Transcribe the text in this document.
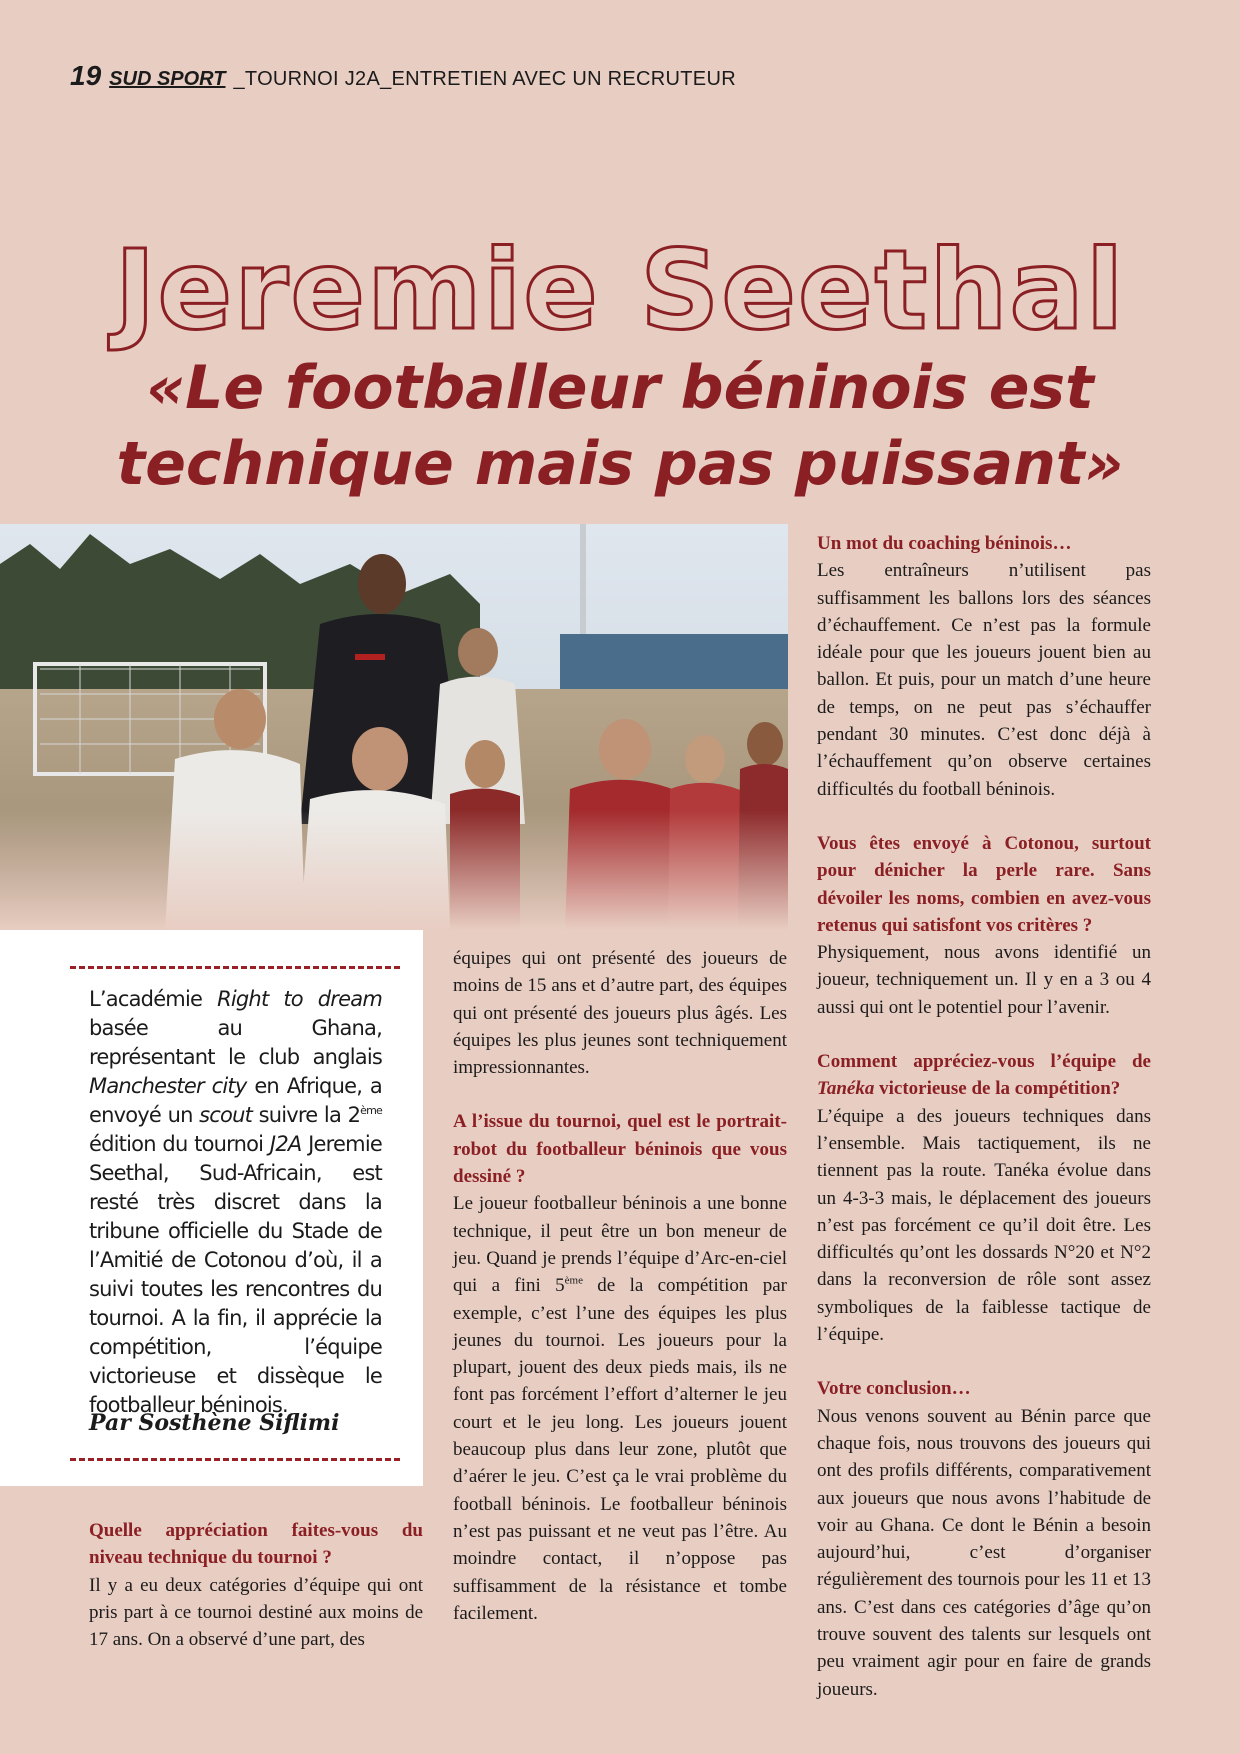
19 SUD SPORT _TOURNOI J2A_ENTRETIEN AVEC UN RECRUTEUR
Jeremie Seethal
«Le footballeur béninois est
technique mais pas puissant»
L’académie Right to dream basée au Ghana, représentant le club anglais Manchester city en Afrique, a envoyé un scout suivre la 2ème édition du tournoi J2A Jeremie Seethal, Sud-Africain, est resté très discret dans la tribune officielle du Stade de l’Amitié de Cotonou d’où, il a suivi toutes les rencontres du tournoi. A la fin, il apprécie la compétition, l’équipe victorieuse et dissèque le footballeur béninois.
Par Sosthène Siflimi

Quelle appréciation faites-vous du niveau technique du tournoi ?

Il y a eu deux catégories d’équipe qui ont pris part à ce tournoi destiné aux moins de 17 ans. On a observé d’une part, des

équipes qui ont présenté des joueurs de moins de 15 ans et d’autre part, des équipes qui ont présenté des joueurs plus âgés. Les équipes les plus jeunes sont techniquement impressionnantes.

A l’issue du tournoi, quel est le portrait-robot du footballeur béninois que vous dessiné ?

Le joueur footballeur béninois a une bonne technique, il peut être un bon meneur de jeu. Quand je prends l’équipe d’Arc-en-ciel qui a fini 5ème de la compétition par exemple, c’est l’une des équipes les plus jeunes du tournoi. Les joueurs pour la plupart, jouent des deux pieds mais, ils ne font pas forcément l’effort d’alterner le jeu court et le jeu long. Les joueurs jouent beaucoup plus dans leur zone, plutôt que d’aérer le jeu. C’est ça le vrai problème du football béninois. Le footballeur béninois n’est pas puissant et ne veut pas l’être. Au moindre contact, il n’oppose pas suffisamment de la résistance et tombe facilement.

Un mot du coaching béninois…

Les entraîneurs n’utilisent pas suffisamment les ballons lors des séances d’échauffement. Ce n’est pas la formule idéale pour que les joueurs jouent bien au ballon. Et puis, pour un match d’une heure de temps, on ne peut pas s’échauffer pendant 30 minutes. C’est donc déjà à l’échauffement qu’on observe certaines difficultés du football béninois.

Vous êtes envoyé à Cotonou, surtout pour dénicher la perle rare. Sans dévoiler les noms, combien en avez-vous retenus qui satisfont vos critères ?

Physiquement, nous avons identifié un joueur, techniquement un. Il y en a 3 ou 4 aussi qui ont le potentiel pour l’avenir.

Comment appréciez-vous l’équipe de Tanéka victorieuse de la compétition?

L’équipe a des joueurs techniques dans l’ensemble. Mais tactiquement, ils ne tiennent pas la route. Tanéka évolue dans un 4-3-3 mais, le déplacement des joueurs n’est pas forcément ce qu’il doit être. Les difficultés qu’ont les dossards N°20 et N°2 dans la reconversion de rôle sont assez symboliques de la faiblesse tactique de l’équipe.

Votre conclusion…

Nous venons souvent au Bénin parce que chaque fois, nous trouvons des joueurs qui ont des profils différents, comparativement aux joueurs que nous avons l’habitude de voir au Ghana. Ce dont le Bénin a besoin aujourd’hui, c’est d’organiser régulièrement des tournois pour les 11 et 13 ans. C’est dans ces catégories d’âge qu’on trouve souvent des talents sur lesquels ont peu vraiment agir pour en faire de grands joueurs.
